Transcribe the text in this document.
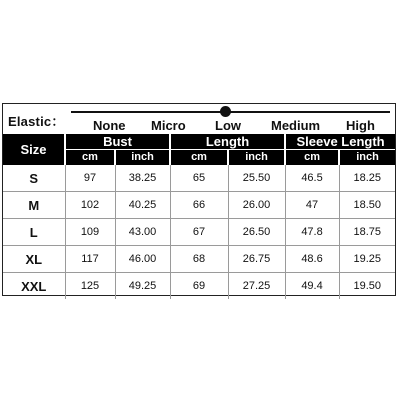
Elastic： None Micro Low Medium High
Size	Bust		Length		Sleeve Length	
	cm	inch	cm	inch	cm	inch
S	97	38.25	65	25.50	46.5	18.25
M	102	40.25	66	26.00	47	18.50
L	109	43.00	67	26.50	47.8	18.75
XL	117	46.00	68	26.75	48.6	19.25
XXL	125	49.25	69	27.25	49.4	19.50
